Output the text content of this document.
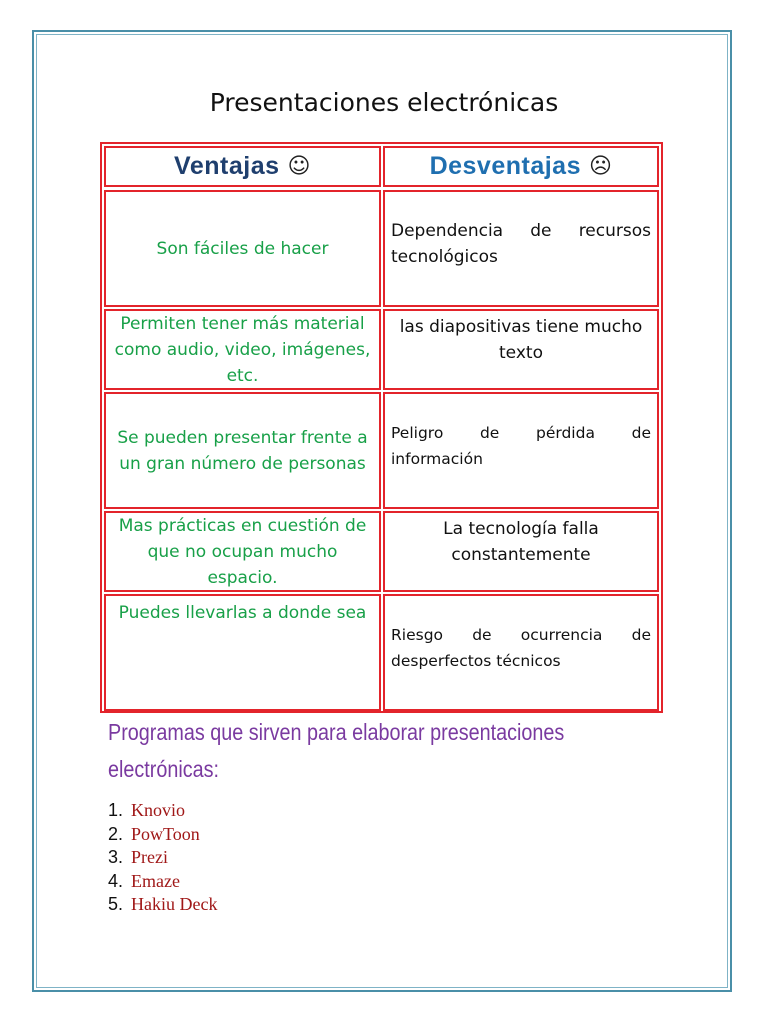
Presentaciones electrónicas
Ventajas ☺	Desventajas ☹
Son fáciles de hacer
Dependencia de recursos tecnológicos
Permiten tener más material como audio, video, imágenes, etc.
las diapositivas tiene mucho texto
Se pueden presentar frente a un gran número de personas
Peligro de pérdida de información
Mas prácticas en cuestión de que no ocupan mucho espacio.
La tecnología falla constantemente
Puedes llevarlas a donde sea
Riesgo de ocurrencia de desperfectos técnicos
Programas que sirven para elaborar presentaciones electrónicas:
1. Knovio
2. PowToon
3. Prezi
4. Emaze
5. Hakiu Deck
